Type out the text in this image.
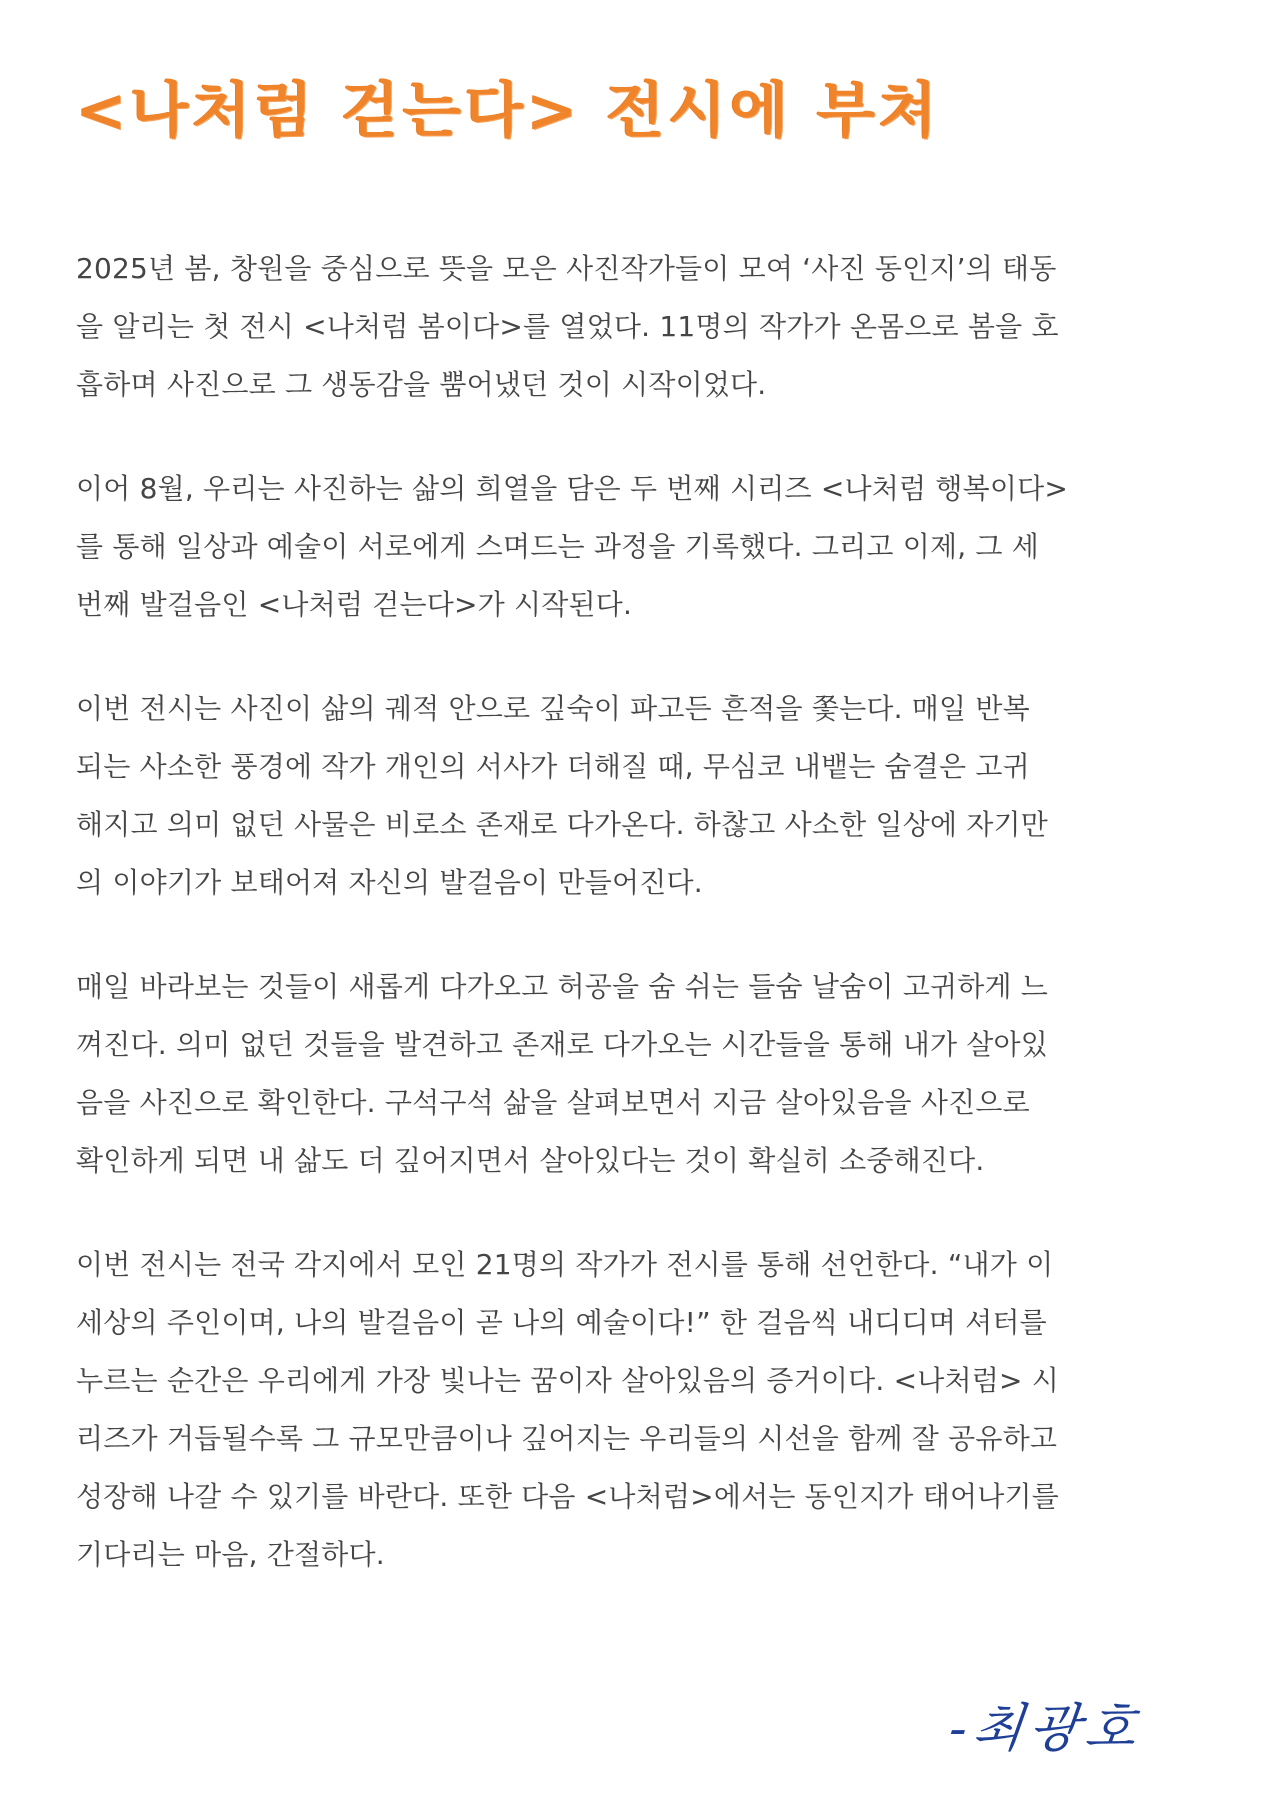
<나처럼 걷는다> 전시에 부쳐

2025년 봄, 창원을 중심으로 뜻을 모은 사진작가들이 모여 ‘사진 동인지’의 태동
을 알리는 첫 전시 <나처럼 봄이다>를 열었다. 11명의 작가가 온몸으로 봄을 호
흡하며 사진으로 그 생동감을 뿜어냈던 것이 시작이었다.

이어 8월, 우리는 사진하는 삶의 희열을 담은 두 번째 시리즈 <나처럼 행복이다>
를 통해 일상과 예술이 서로에게 스며드는 과정을 기록했다. 그리고 이제, 그 세
번째 발걸음인 <나처럼 걷는다>가 시작된다.

이번 전시는 사진이 삶의 궤적 안으로 깊숙이 파고든 흔적을 쫓는다. 매일 반복
되는 사소한 풍경에 작가 개인의 서사가 더해질 때, 무심코 내뱉는 숨결은 고귀
해지고 의미 없던 사물은 비로소 존재로 다가온다. 하찮고 사소한 일상에 자기만
의 이야기가 보태어져 자신의 발걸음이 만들어진다.

매일 바라보는 것들이 새롭게 다가오고 허공을 숨 쉬는 들숨 날숨이 고귀하게 느
껴진다. 의미 없던 것들을 발견하고 존재로 다가오는 시간들을 통해 내가 살아있
음을 사진으로 확인한다. 구석구석 삶을 살펴보면서 지금 살아있음을 사진으로
확인하게 되면 내 삶도 더 깊어지면서 살아있다는 것이 확실히 소중해진다.

이번 전시는 전국 각지에서 모인 21명의 작가가 전시를 통해 선언한다. “내가 이
세상의 주인이며, 나의 발걸음이 곧 나의 예술이다!” 한 걸음씩 내디디며 셔터를
누르는 순간은 우리에게 가장 빛나는 꿈이자 살아있음의 증거이다. <나처럼> 시
리즈가 거듭될수록 그 규모만큼이나 깊어지는 우리들의 시선을 함께 잘 공유하고
성장해 나갈 수 있기를 바란다. 또한 다음 <나처럼>에서는 동인지가 태어나기를
기다리는 마음, 간절하다.

-최광호
